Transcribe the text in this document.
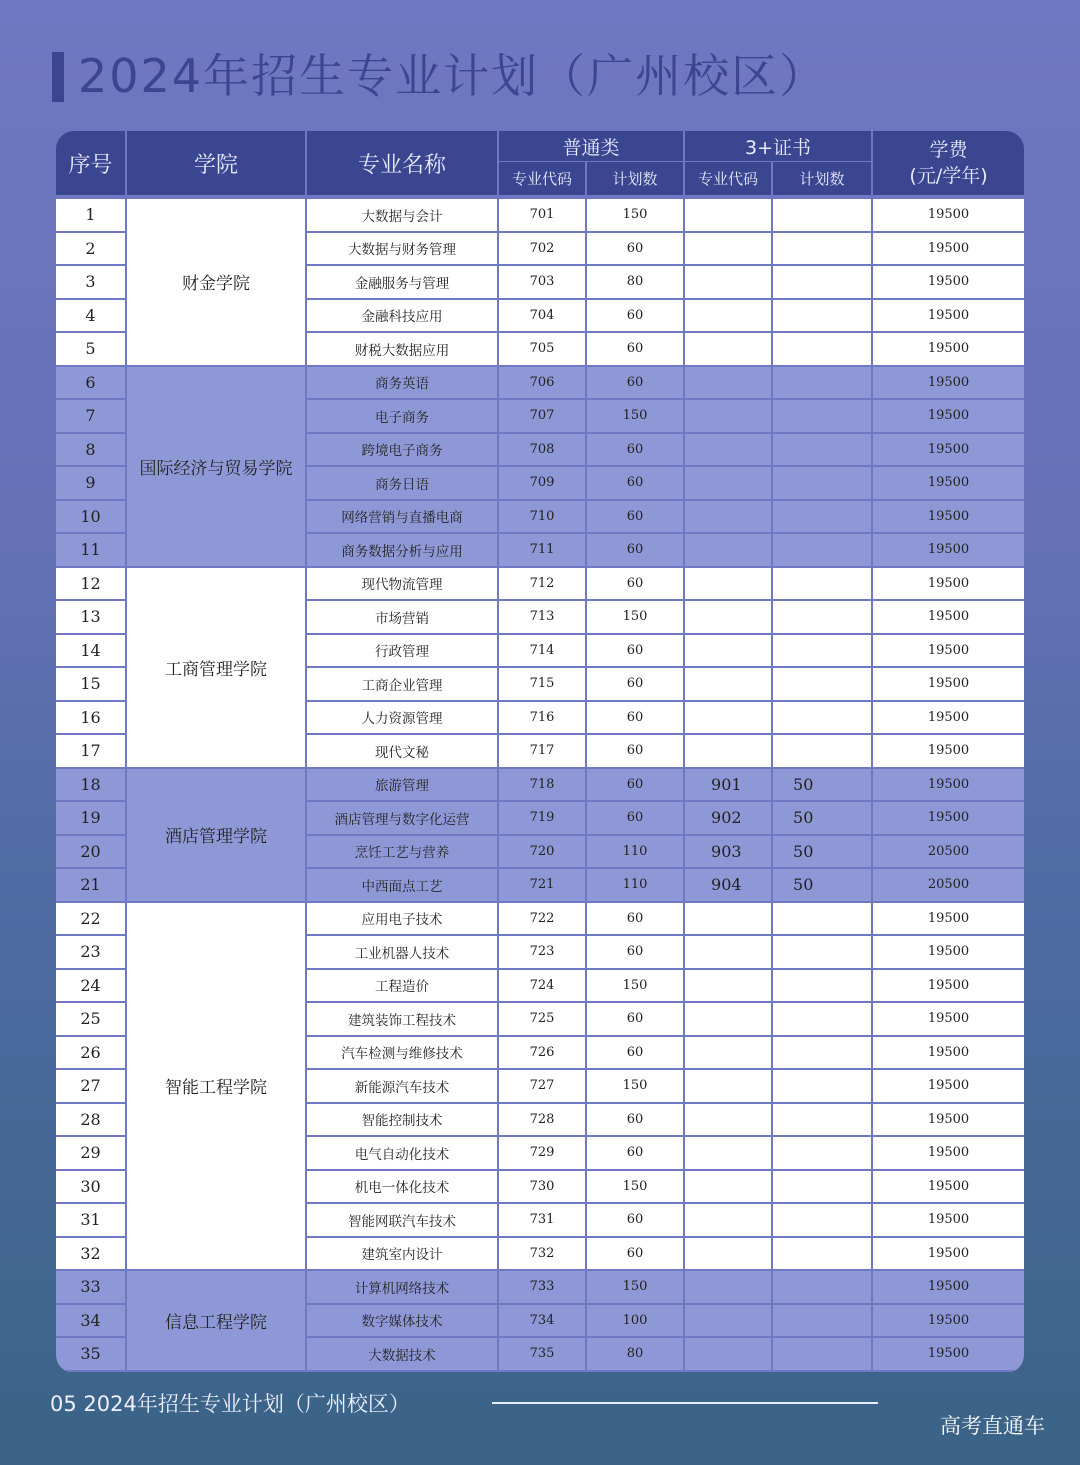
2024年招生专业计划（广州校区）
序号	学院	专业名称	普通类		3+证书		学费
(元/学年)

			专业代码	计划数	专业代码	计划数	

1	财金学院	大数据与会计	701	150			19500
2		大数据与财务管理	702	60			19500
3		金融服务与管理	703	80			19500
4		金融科技应用	704	60			19500
5		财税大数据应用	705	60			19500
6	国际经济与贸易学院	商务英语	706	60			19500
7		电子商务	707	150			19500
8		跨境电子商务	708	60			19500
9		商务日语	709	60			19500
10		网络营销与直播电商	710	60			19500
11		商务数据分析与应用	711	60			19500
12	工商管理学院	现代物流管理	712	60			19500
13		市场营销	713	150			19500
14		行政管理	714	60			19500
15		工商企业管理	715	60			19500
16		人力资源管理	716	60			19500
17		现代文秘	717	60			19500
18	酒店管理学院	旅游管理	718	60	901	50	19500
19		酒店管理与数字化运营	719	60	902	50	19500
20		烹饪工艺与营养	720	110	903	50	20500
21		中西面点工艺	721	110	904	50	20500
22	智能工程学院	应用电子技术	722	60			19500
23		工业机器人技术	723	60			19500
24		工程造价	724	150			19500
25		建筑装饰工程技术	725	60			19500
26		汽车检测与维修技术	726	60			19500
27		新能源汽车技术	727	150			19500
28		智能控制技术	728	60			19500
29		电气自动化技术	729	60			19500
30		机电一体化技术	730	150			19500
31		智能网联汽车技术	731	60			19500
32		建筑室内设计	732	60			19500
33	信息工程学院	计算机网络技术	733	150			19500
34		数字媒体技术	734	100			19500
35		大数据技术	735	80			19500
05 2024年招生专业计划（广州校区）
高考直通车
